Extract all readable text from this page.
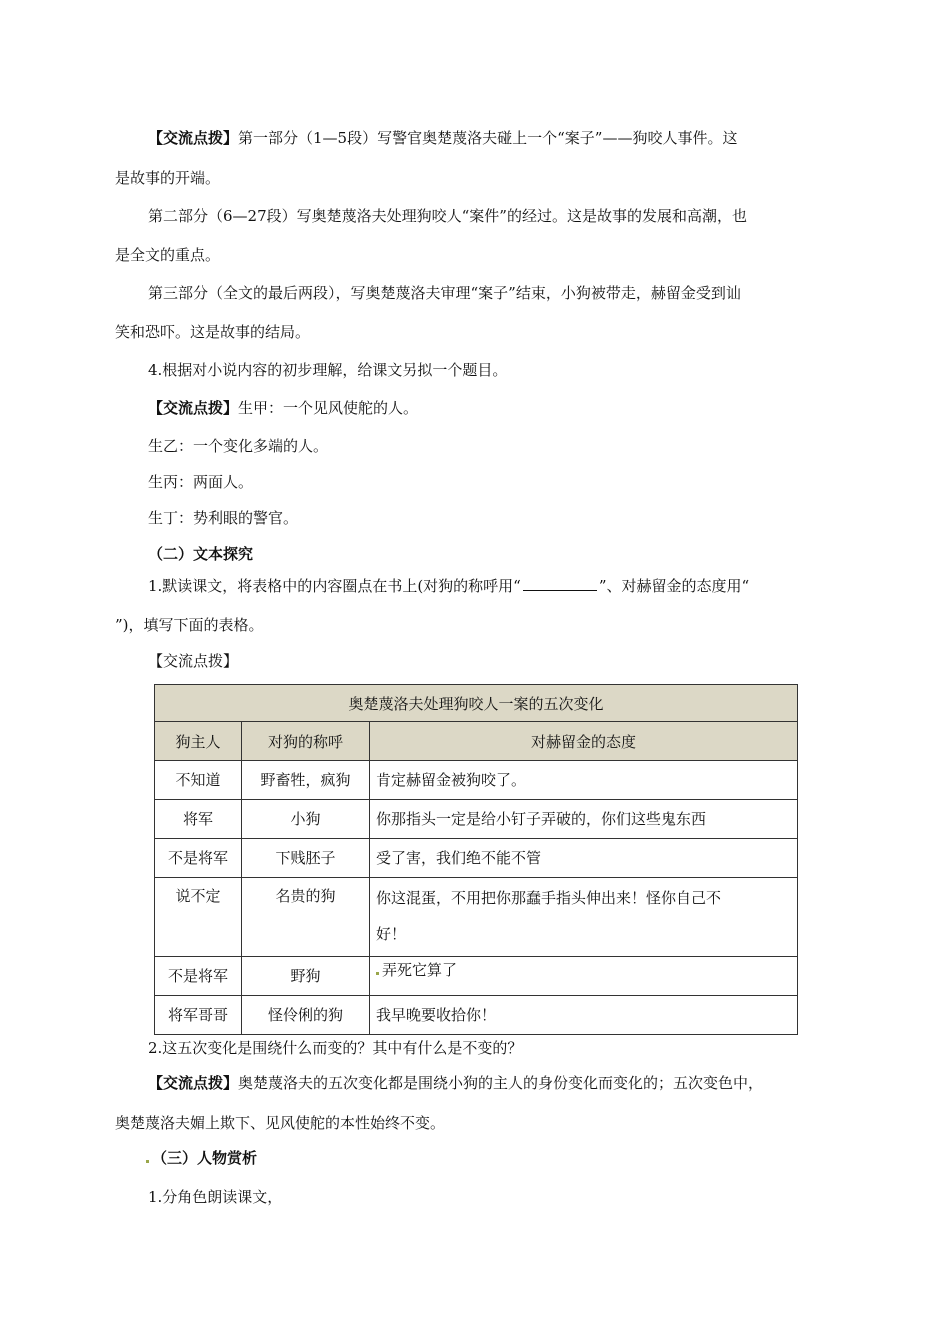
【交流点拨】第一部分（1—5段）写警官奥楚蔑洛夫碰上一个“案子”——狗咬人事件。这
是故事的开端。
第二部分（6—27段）写奥楚蔑洛夫处理狗咬人“案件”的经过。这是故事的发展和高潮，也
是全文的重点。
第三部分（全文的最后两段），写奥楚蔑洛夫审理“案子”结束，小狗被带走，赫留金受到讪
笑和恐吓。这是故事的结局。
4.根据对小说内容的初步理解，给课文另拟一个题目。
【交流点拨】生甲：一个见风使舵的人。
生乙：一个变化多端的人。
生丙：两面人。
生丁：势利眼的警官。
（二）文本探究
1.默读课文，将表格中的内容圈点在书上(对狗的称呼用“	”、对赫留金的态度用“
”)，填写下面的表格。
【交流点拨】
奥楚蔑洛夫处理狗咬人一案的五次变化		
狗主人	对狗的称呼	对赫留金的态度
不知道	野畜牲，疯狗	肯定赫留金被狗咬了。
将军	小狗	你那指头一定是给小钉子弄破的，你们这些鬼东西
不是将军	下贱胚子	受了害，我们绝不能不管
说不定	名贵的狗	你这混蛋，不用把你那蠢手指头伸出来！怪你自己不
好！

不是将军	野狗	弄死它算了
将军哥哥	怪伶俐的狗	我早晚要收拾你！
2.这五次变化是围绕什么而变的？其中有什么是不变的？
【交流点拨】奥楚蔑洛夫的五次变化都是围绕小狗的主人的身份变化而变化的；五次变色中，
奥楚蔑洛夫媚上欺下、见风使舵的本性始终不变。
（三）人物赏析
1.分角色朗读课文，
